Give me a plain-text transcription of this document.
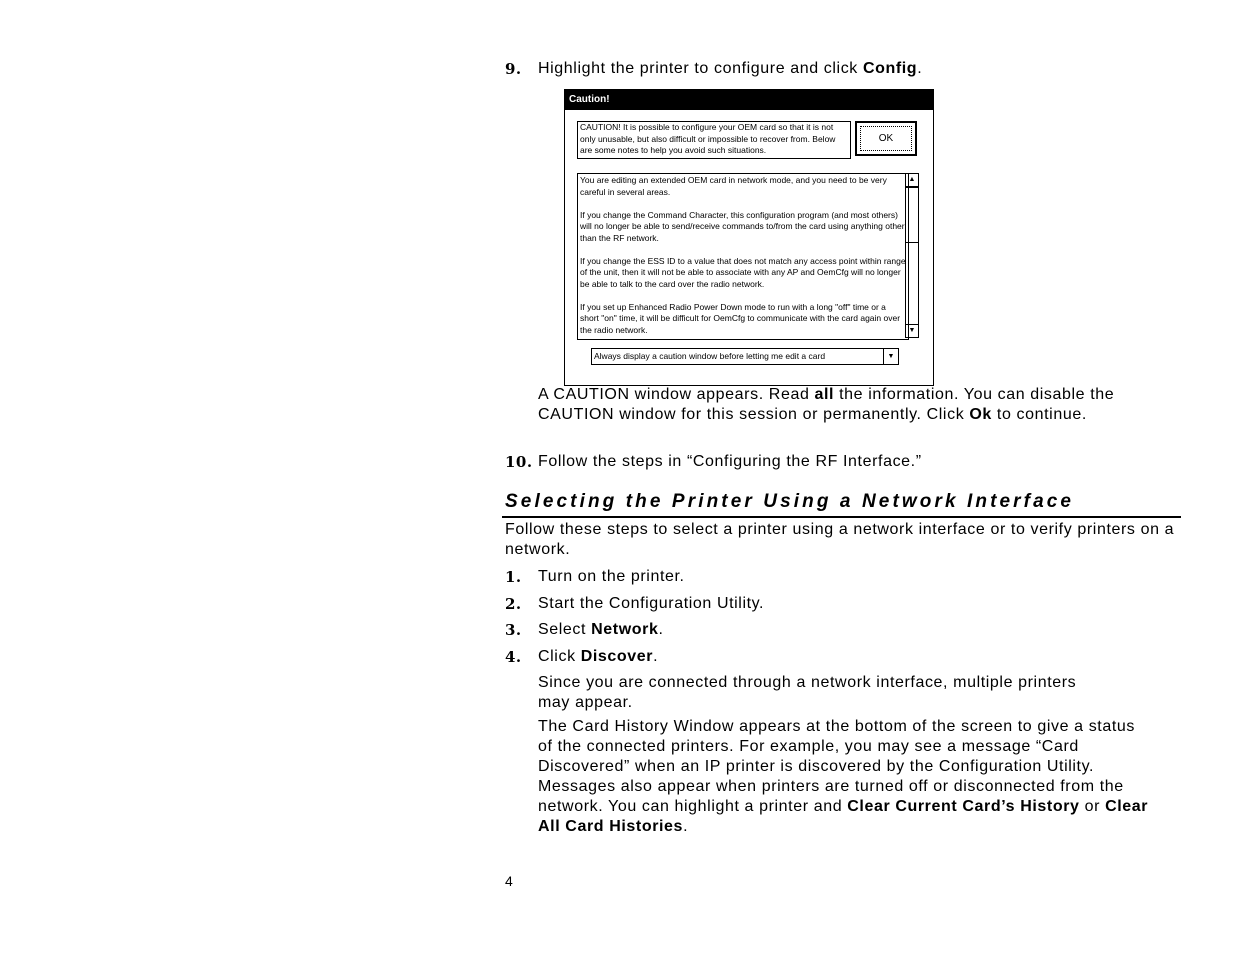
9. Highlight the printer to configure and click Config.
Caution!
CAUTION! It is possible to configure your OEM card so that it is not only unusable, but also difficult or impossible to recover from. Below are some notes to help you avoid such situations.
OK

You are editing an extended OEM card in network mode, and you need to be very careful in several areas.

If you change the Command Character, this configuration program (and most others) will no longer be able to send/receive commands to/from the card using anything other than the RF network.

If you change the ESS ID to a value that does not match any access point within range of the unit, then it will not be able to associate with any AP and OemCfg will no longer be able to talk to the card over the radio network.

If you set up Enhanced Radio Power Down mode to run with a long "off" time or a short "on" time, it will be difficult for OemCfg to communicate with the card again over the radio network.

▲
▼
Always display a caution window before letting me edit a card	▼
A CAUTION window appears. Read all the information. You can disable the CAUTION window for this session or permanently. Click Ok to continue.
10. Follow the steps in “Configuring the RF Interface.”
Selecting the Printer Using a Network Interface
Follow these steps to select a printer using a network interface or to verify printers on a network.
1. Turn on the printer.
2. Start the Configuration Utility.
3. Select Network.
4. Click Discover.
Since you are connected through a network interface, multiple printers may appear.
The Card History Window appears at the bottom of the screen to give a status of the connected printers. For example, you may see a message “Card Discovered” when an IP printer is discovered by the Configuration Utility. Messages also appear when printers are turned off or disconnected from the network. You can highlight a printer and Clear Current Card’s History or Clear All Card Histories.
4
